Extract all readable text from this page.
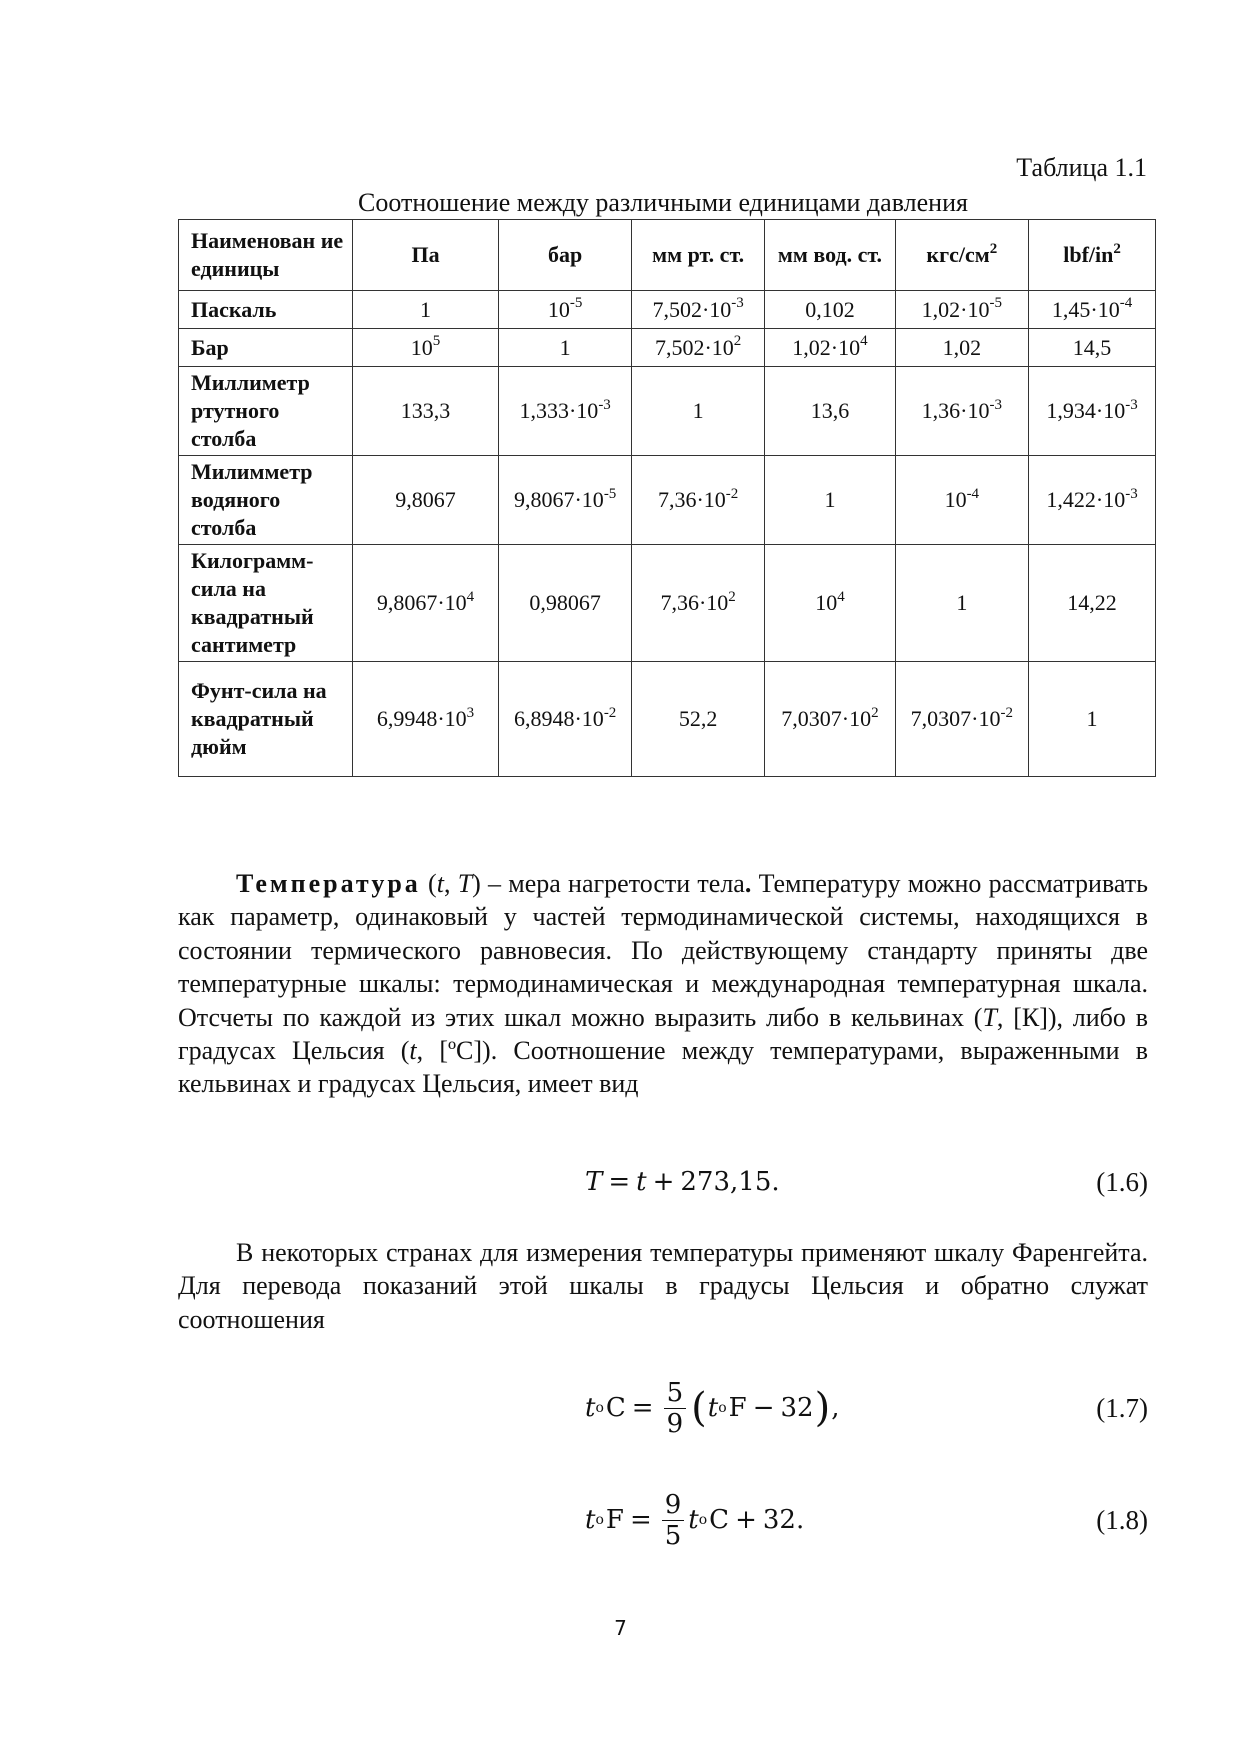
Таблица 1.1

Соотношение между различными единицами давления

Наименован ие единицы	Па	бар	мм рт. ст.	мм вод. ст.	кгс/$см^2$	lbf/$in^2$
Паскаль	1	$10^{-5}$	$7,502\cdot 10^{-3}$	0,102	$1,02\cdot 10^{-5}$	$1,45\cdot 10^{-4}$
Бар	$10^5$	1	$7,502\cdot 10^2$	$1,02\cdot 10^4$	1,02	14,5
Миллиметр ртутного столба	133,3	$1,333\cdot 10^{-3}$	1	13,6	$1,36\cdot 10^{-3}$	$1,934\cdot 10^{-3}$
Милимметр водяного столба	9,8067	$9,8067\cdot 10^{-5}$	$7,36\cdot 10^{-2}$	1	$10^{-4}$	$1,422\cdot 10^{-3}$
Килограмм-сила на квадратный сантиметр	$9,8067\cdot 10^4$	0,98067	$7,36\cdot 10^2$	$10^4$	1	14,22
Фунт-сила на квадратный дюйм	$6,9948\cdot 10^3$	$6,8948\cdot 10^{-2}$	52,2	$7,0307\cdot 10^2$	$7,0307\cdot 10^{-2}$	1

Температура (t, T) – мера нагретости тела. Температуру можно рассматривать как параметр, одинаковый у частей термодинамической системы, находящихся в состоянии термического равновесия. По действующему стандарту приняты две температурные шкалы: термодинамическая и международная температурная шкала. Отсчеты по каждой из этих шкал можно выразить либо в кельвинах (T, [К]), либо в градусах Цельсия (t, [ºС]). Соотношение между температурами, выраженными в кельвинах и градусах Цельсия, имеет вид

T = t + 273,15 .	(1.6)

В некоторых странах для измерения температуры применяют шкалу Фаренгейта. Для перевода показаний этой шкалы в градусы Цельсия и обратно служат соотношения

t o $C = \frac{5}{9}$ ( t o F − 32 ) ,	(1.7)
t o $F = \frac{9}{5}$ t o C + 32 .	(1.8)
7
